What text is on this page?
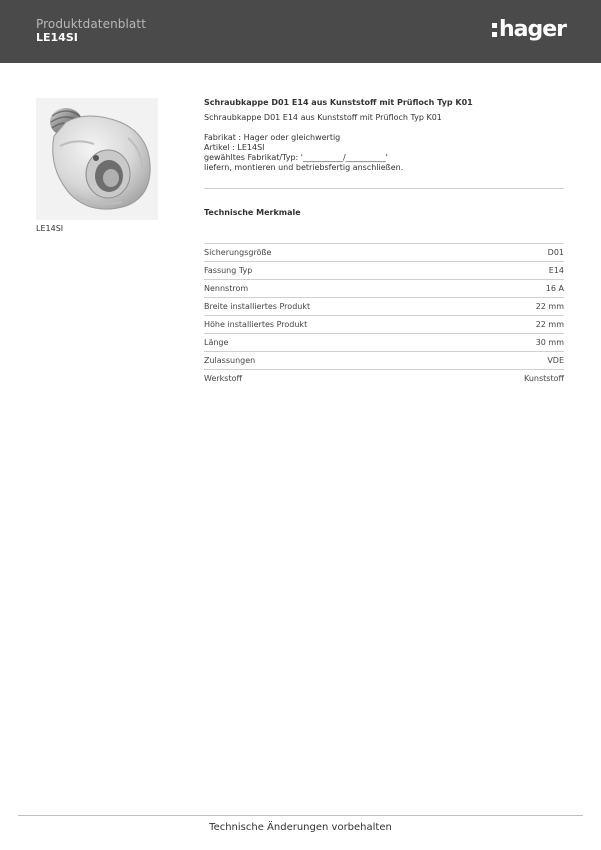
Produktdatenblatt
LE14SI	hager
LE14SI
Schraubkappe D01 E14 aus Kunststoff mit Prüfloch Typ K01
Schraubkappe D01 E14 aus Kunststoff mit Prüfloch Typ K01
Fabrikat : Hager oder gleichwertig
Artikel : LE14SI
gewähltes Fabrikat/Typ: '__________/__________'
liefern, montieren und betriebsfertig anschließen.
Technische Merkmale
Sicherungsgröße	D01
Fassung Typ	E14
Nennstrom	16 A
Breite installiertes Produkt	22 mm
Höhe installiertes Produkt	22 mm
Länge	30 mm
Zulassungen	VDE
Werkstoff	Kunststoff
Technische Änderungen vorbehalten
